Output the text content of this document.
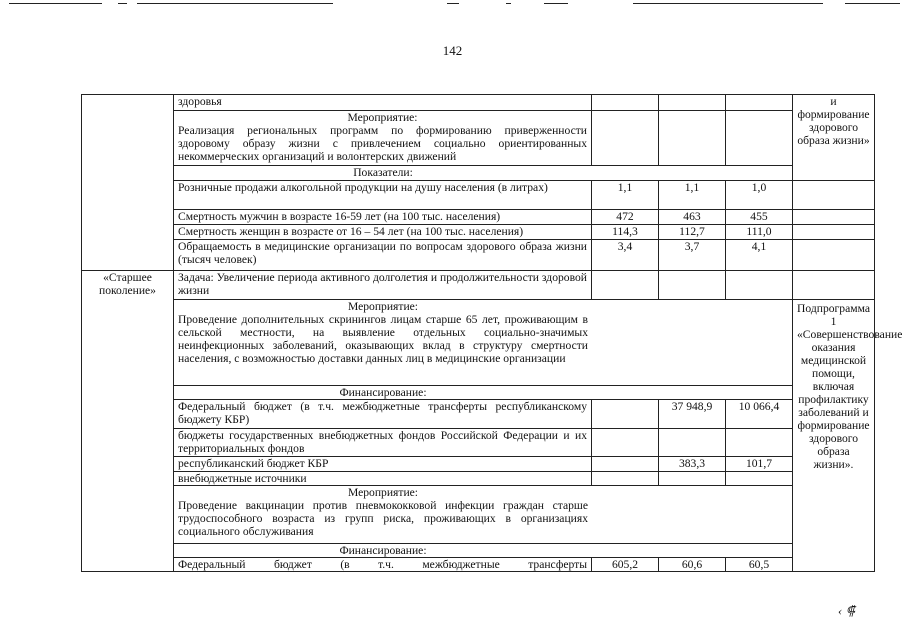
142
	здоровья				и формирование здорового образа жизни»

	Мероприятие:
Реализация региональных программ по формированию приверженности здоровому образу жизни с привлечением социально ориентированных некоммерческих организаций и волонтерских движений				

	Показатели:				

	Розничные продажи алкогольной продукции на душу населения (в литрах)	1,1	1,1	1,0	
	Смертность мужчин в возрасте 16-59 лет (на 100 тыс. населения)	472	463	455	
	Смертность женщин в возрасте от 16 – 54 лет (на 100 тыс. населения)	114,3	112,7	111,0	
	Обращаемость в медицинские организации по вопросам здорового образа жизни (тысяч человек)	3,4	3,7	4,1	
«Старшее поколение»	Задача: Увеличение периода активного долголетия и продолжительности здоровой жизни				

	Мероприятие:
Проведение дополнительных скринингов лицам старше 65 лет, проживающим в сельской местности, на выявление отдельных социально-значимых неинфекционных заболеваний, оказывающих вклад в структуру смертности населения, с возможностью доставки данных лиц в медицинские организации				Подпрограмма 1 «Совершенствование оказания медицинской помощи, включая профилактику заболеваний и формирование здорового образа жизни».

	Финансирование:				

	Федеральный бюджет (в т.ч. межбюджетные трансферты республиканскому бюджету КБР)		37 948,9	10 066,4	
	бюджеты государственных внебюджетных фондов Российской Федерации и их территориальных фондов				
	республиканский бюджет КБР		383,3	101,7	
	внебюджетные источники				

	Мероприятие:
Проведение вакцинации против пневмококковой инфекции граждан старше трудоспособного возраста из групп риска, проживающих в организациях социального обслуживания				

	Финансирование:				

	Федеральный бюджет (в т.ч. межбюджетные трансферты	605,2	60,6	60,5	
‹ ⸿
